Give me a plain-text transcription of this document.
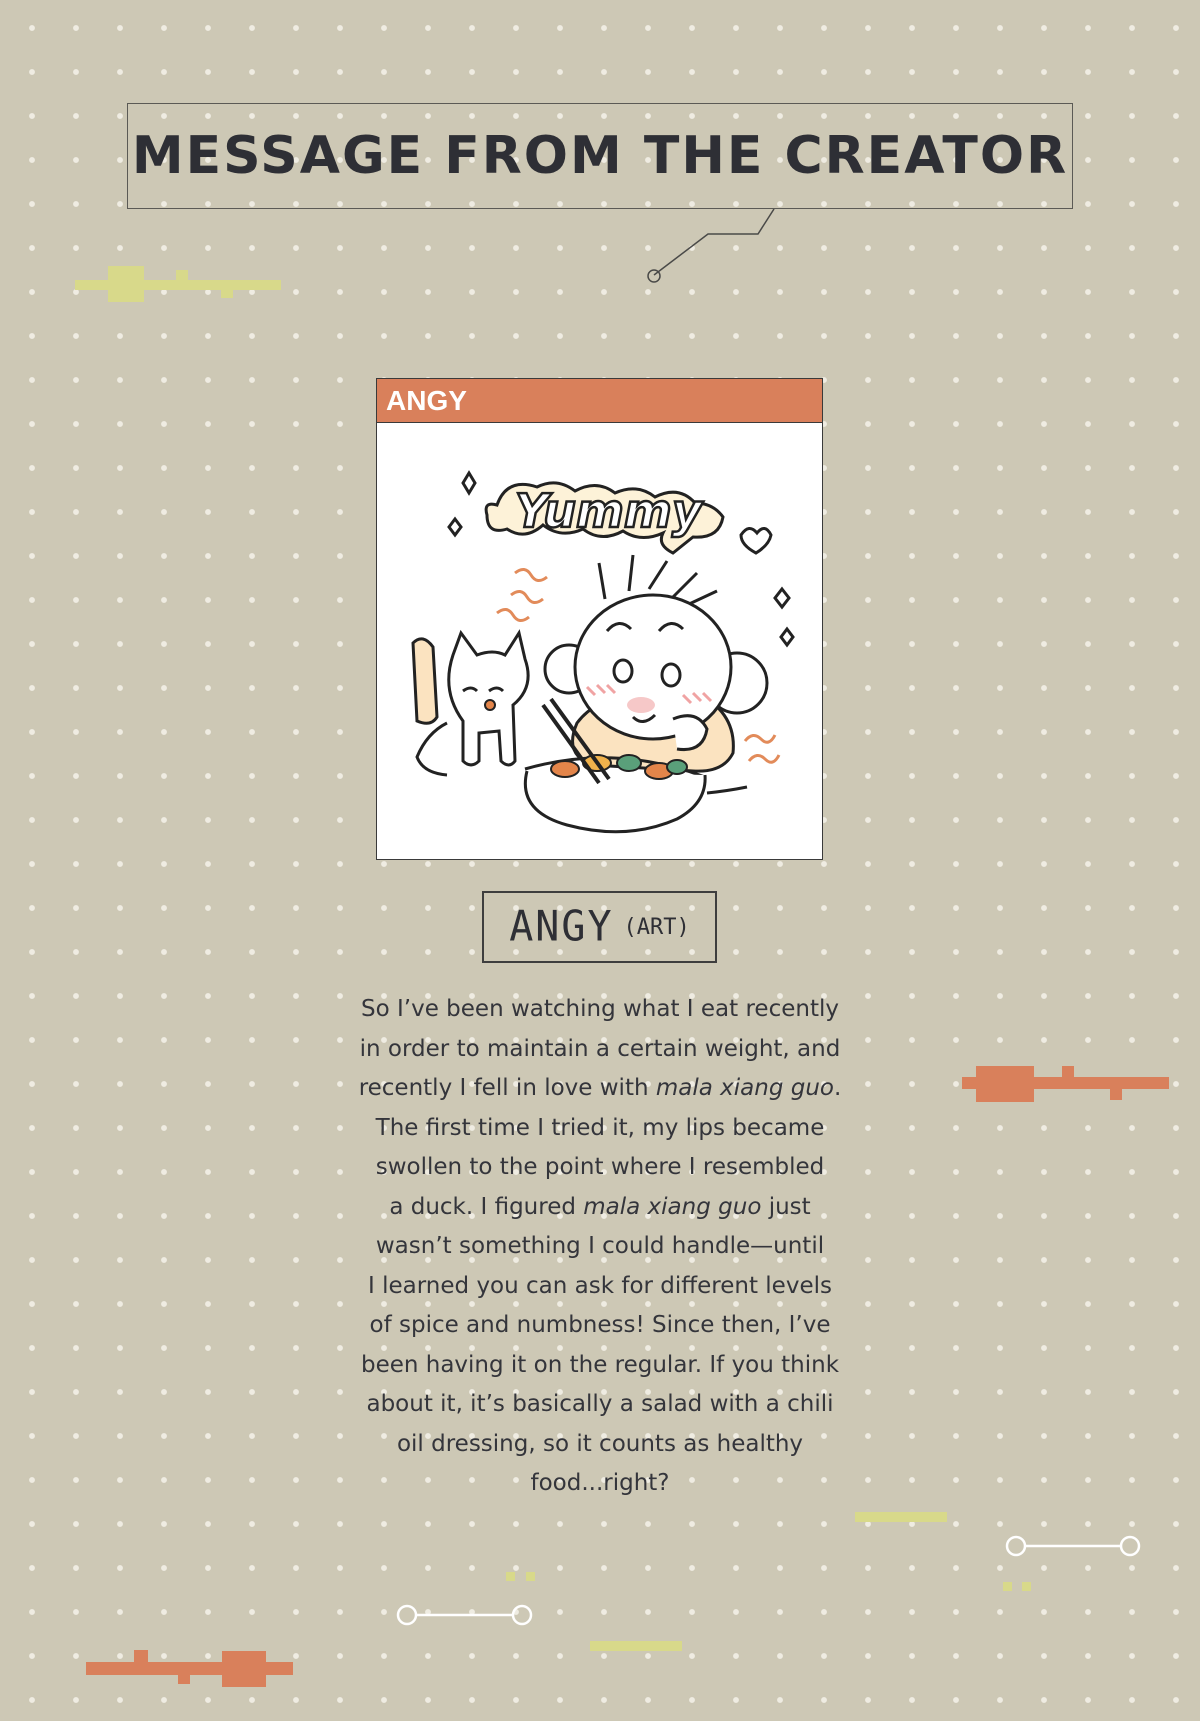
MESSAGE FROM THE CREATOR
ANGY
Yummy
ANGY (ART)

So I’ve been watching what I eat recently

in order to maintain a certain weight, and

recently I fell in love with mala xiang guo.

The first time I tried it, my lips became

swollen to the point where I resembled

a duck. I figured mala xiang guo just

wasn’t something I could handle—until

I learned you can ask for different levels

of spice and numbness! Since then, I’ve

been having it on the regular. If you think

about it, it’s basically a salad with a chili

oil dressing, so it counts as healthy

food...right?
